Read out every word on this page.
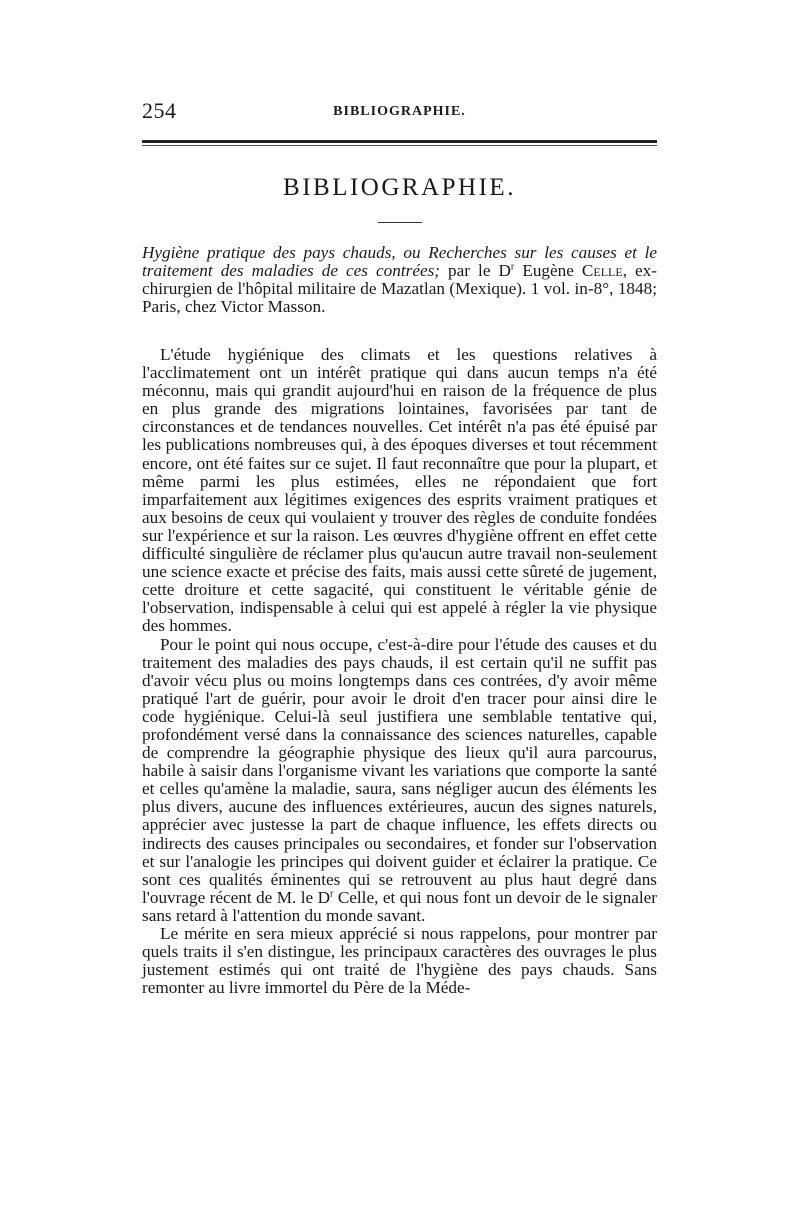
254	BIBLIOGRAPHIE.
BIBLIOGRAPHIE.

Hygiène pratique des pays chauds, ou Recherches sur les causes et le traitement des maladies de ces contrées; par le $D^r$ Eugène Celle, ex-chirurgien de l'hôpital militaire de Mazatlan (Mexique). 1 vol. in-8°, 1848; Paris, chez Victor Masson.

L'étude hygiénique des climats et les questions relatives à l'acclimatement ont un intérêt pratique qui dans aucun temps n'a été méconnu, mais qui grandit aujourd'hui en raison de la fréquence de plus en plus grande des migrations lointaines, favorisées par tant de circonstances et de tendances nouvelles. Cet intérêt n'a pas été épuisé par les publications nombreuses qui, à des époques diverses et tout récemment encore, ont été faites sur ce sujet. Il faut reconnaître que pour la plupart, et même parmi les plus estimées, elles ne répondaient que fort imparfaitement aux légitimes exigences des esprits vraiment pratiques et aux besoins de ceux qui voulaient y trouver des règles de conduite fondées sur l'expérience et sur la raison. Les œuvres d'hygiène offrent en effet cette difficulté singulière de réclamer plus qu'aucun autre travail non-seulement une science exacte et précise des faits, mais aussi cette sûreté de jugement, cette droiture et cette sagacité, qui constituent le véritable génie de l'observation, indispensable à celui qui est appelé à régler la vie physique des hommes.

Pour le point qui nous occupe, c'est-à-dire pour l'étude des causes et du traitement des maladies des pays chauds, il est certain qu'il ne suffit pas d'avoir vécu plus ou moins longtemps dans ces contrées, d'y avoir même pratiqué l'art de guérir, pour avoir le droit d'en tracer pour ainsi dire le code hygiénique. Celui-là seul justifiera une semblable tentative qui, profondément versé dans la connaissance des sciences naturelles, capable de comprendre la géographie physique des lieux qu'il aura parcourus, habile à saisir dans l'organisme vivant les variations que comporte la santé et celles qu'amène la maladie, saura, sans négliger aucun des éléments les plus divers, aucune des influences extérieures, aucun des signes naturels, apprécier avec justesse la part de chaque influence, les effets directs ou indirects des causes principales ou secondaires, et fonder sur l'observation et sur l'analogie les principes qui doivent guider et éclairer la pratique. Ce sont ces qualités éminentes qui se retrouvent au plus haut degré dans l'ouvrage récent de M. le $D^r$ Celle, et qui nous font un devoir de le signaler sans retard à l'attention du monde savant.

Le mérite en sera mieux apprécié si nous rappelons, pour montrer par quels traits il s'en distingue, les principaux caractères des ouvrages le plus justement estimés qui ont traité de l'hygiène des pays chauds. Sans remonter au livre immortel du Père de la Méde-
